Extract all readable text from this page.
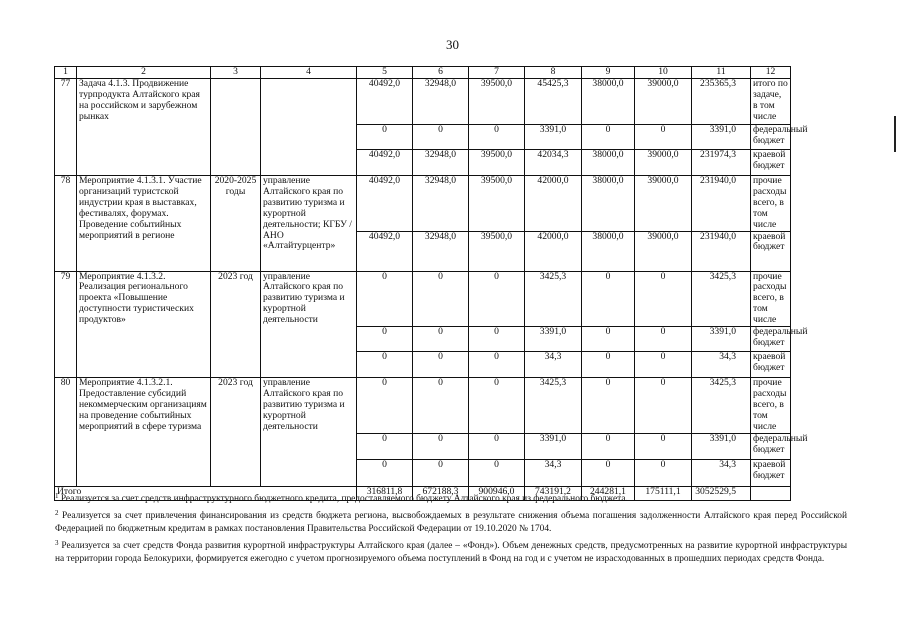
30
1	2	3	4	5	6	7	8	9	10	11	12
77	Задача 4.1.3. Продвижение турпродукта Алтайского края на российском и зарубежном рынках			40492,0	32948,0	39500,0	45425,3	38000,0	39000,0	235365,3	итого по задаче, в том числе
				0	0	0	3391,0	0	0	3391,0	федеральный бюджет
				40492,0	32948,0	39500,0	42034,3	38000,0	39000,0	231974,3	краевой бюджет
78	Мероприятие 4.1.3.1. Участие организаций туристской индустрии края в выставках, фестивалях, форумах. Проведение событийных мероприятий в регионе	2020-2025 годы	управление Алтайского края по развитию туризма и курортной деятельности; КГБУ / АНО «Алтайтурцентр»	40492,0	32948,0	39500,0	42000,0	38000,0	39000,0	231940,0	прочие расходы всего, в том числе
				40492,0	32948,0	39500,0	42000,0	38000,0	39000,0	231940,0	краевой бюджет
79	Мероприятие 4.1.3.2. Реализация регионального проекта «Повышение доступности туристических продуктов»	2023 год	управление Алтайского края по развитию туризма и курортной деятельности	0	0	0	3425,3	0	0	3425,3	прочие расходы всего, в том числе
				0	0	0	3391,0	0	0	3391,0	федеральный бюджет
				0	0	0	34,3	0	0	34,3	краевой бюджет
80	Мероприятие 4.1.3.2.1. Предоставление субсидий некоммерческим организациям на проведение событийных мероприятий в сфере туризма	2023 год	управление Алтайского края по развитию туризма и курортной деятельности	0	0	0	3425,3	0	0	3425,3	прочие расходы всего, в том числе
				0	0	0	3391,0	0	0	3391,0	федеральный бюджет
				0	0	0	34,3	0	0	34,3	краевой бюджет
Итого				316811,8	672188,3	900946,0	743191,2	244281,1	175111,1	3052529,5	

$^1$ Реализуется за счет средств инфраструктурного бюджетного кредита, предоставляемого бюджету Алтайского края из федерального бюджета.

$^2$ Реализуется за счет привлечения финансирования из средств бюджета региона, высвобождаемых в результате снижения объема погашения задолженности Алтайского края перед Российской Федерацией по бюджетным кредитам в рамках постановления Правительства Российской Федерации от 19.10.2020 № 1704.

$^3$ Реализуется за счет средств Фонда развития курортной инфраструктуры Алтайского края (далее – «Фонд»). Объем денежных средств, предусмотренных на развитие курортной инфраструктуры на территории города Белокурихи, формируется ежегодно с учетом прогнозируемого объема поступлений в Фонд на год и с учетом не израсходованных в прошедших периодах средств Фонда.
